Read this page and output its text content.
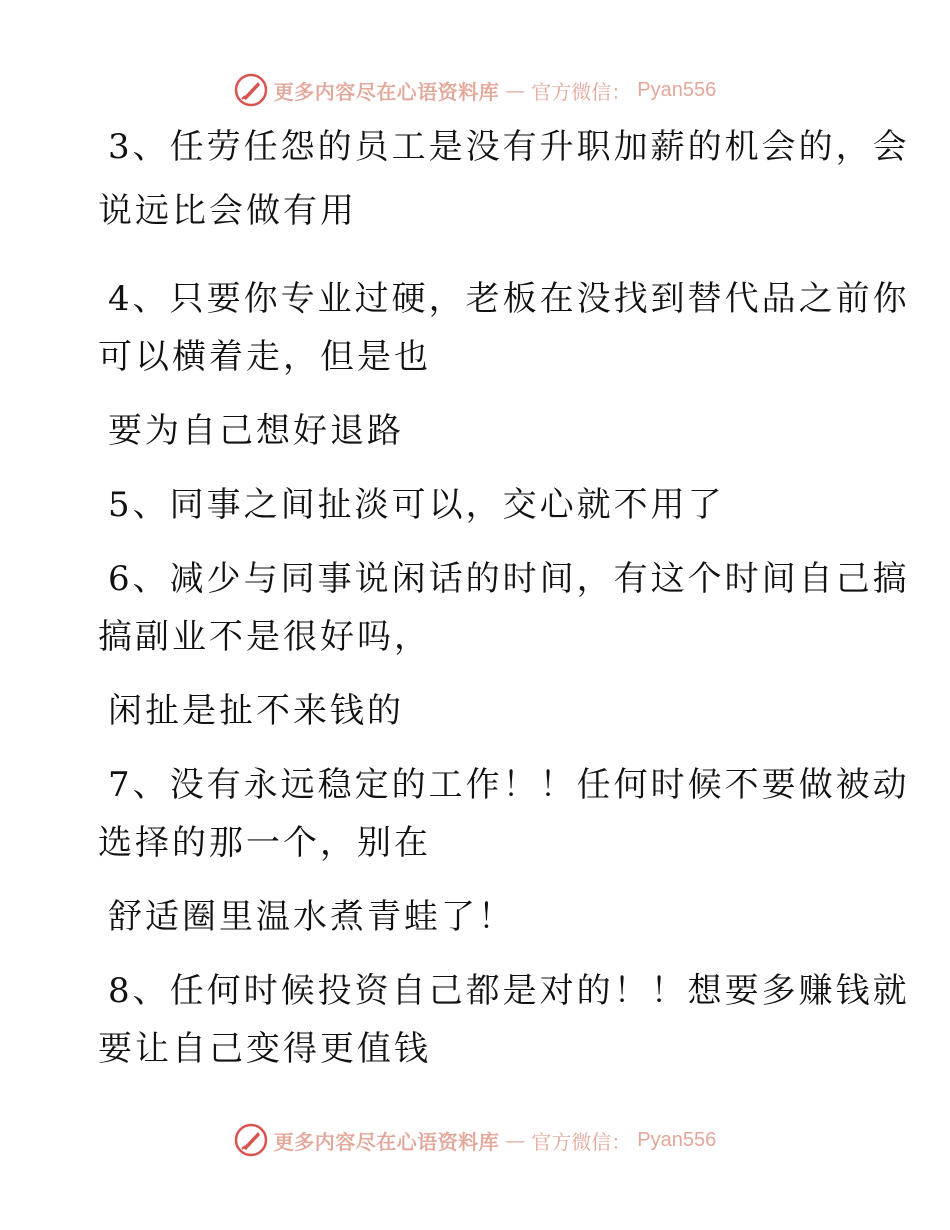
更多内容尽在心语资料库 — 官方微信： Pyan556
3、任劳任怨的员工是没有升职加薪的机会的，会
说远比会做有用
4、只要你专业过硬，老板在没找到替代品之前你
可以横着走，但是也
要为自己想好退路
5、同事之间扯淡可以，交心就不用了
6、减少与同事说闲话的时间，有这个时间自己搞
搞副业不是很好吗，
闲扯是扯不来钱的
7、没有永远稳定的工作！！任何时候不要做被动
选择的那一个，别在
舒适圈里温水煮青蛙了！
8、任何时候投资自己都是对的！！想要多赚钱就
要让自己变得更值钱
更多内容尽在心语资料库 — 官方微信： Pyan556
